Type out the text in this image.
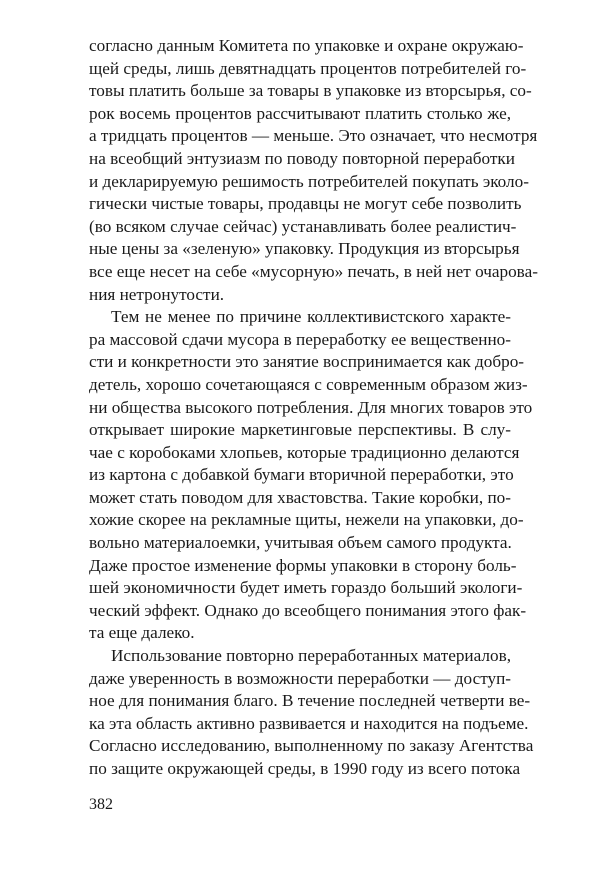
согласно данным Комитета по упаковке и охране окружаю-
щей среды, лишь девятнадцать процентов потребителей го-
товы платить больше за товары в упаковке из вторсырья, со-
рок восемь процентов рассчитывают платить столько же,
а тридцать процентов — меньше. Это означает, что несмотря
на всеобщий энтузиазм по поводу повторной переработки
и декларируемую решимость потребителей покупать эколо-
гически чистые товары, продавцы не могут себе позволить
(во всяком случае сейчас) устанавливать более реалистич-
ные цены за «зеленую» упаковку. Продукция из вторсырья
все еще несет на себе «мусорную» печать, в ней нет очарова-
ния нетронутости.
Тем не менее по причине коллективистского характе-
ра массовой сдачи мусора в переработку ее вещественно-
сти и конкретности это занятие воспринимается как добро-
детель, хорошо сочетающаяся с современным образом жиз-
ни общества высокого потребления. Для многих товаров это
открывает широкие маркетинговые перспективы. В слу-
чае с коробоками хлопьев, которые традиционно делаются
из картона с добавкой бумаги вторичной переработки, это
может стать поводом для хвастовства. Такие коробки, по-
хожие скорее на рекламные щиты, нежели на упаковки, до-
вольно материалоемки, учитывая объем самого продукта.
Даже простое изменение формы упаковки в сторону боль-
шей экономичности будет иметь гораздо больший экологи-
ческий эффект. Однако до всеобщего понимания этого фак-
та еще далеко.
Использование повторно переработанных материалов,
даже уверенность в возможности переработки — доступ-
ное для понимания благо. В течение последней четверти ве-
ка эта область активно развивается и находится на подъеме.
Согласно исследованию, выполненному по заказу Агентства
по защите окружающей среды, в 1990 году из всего потока
382
